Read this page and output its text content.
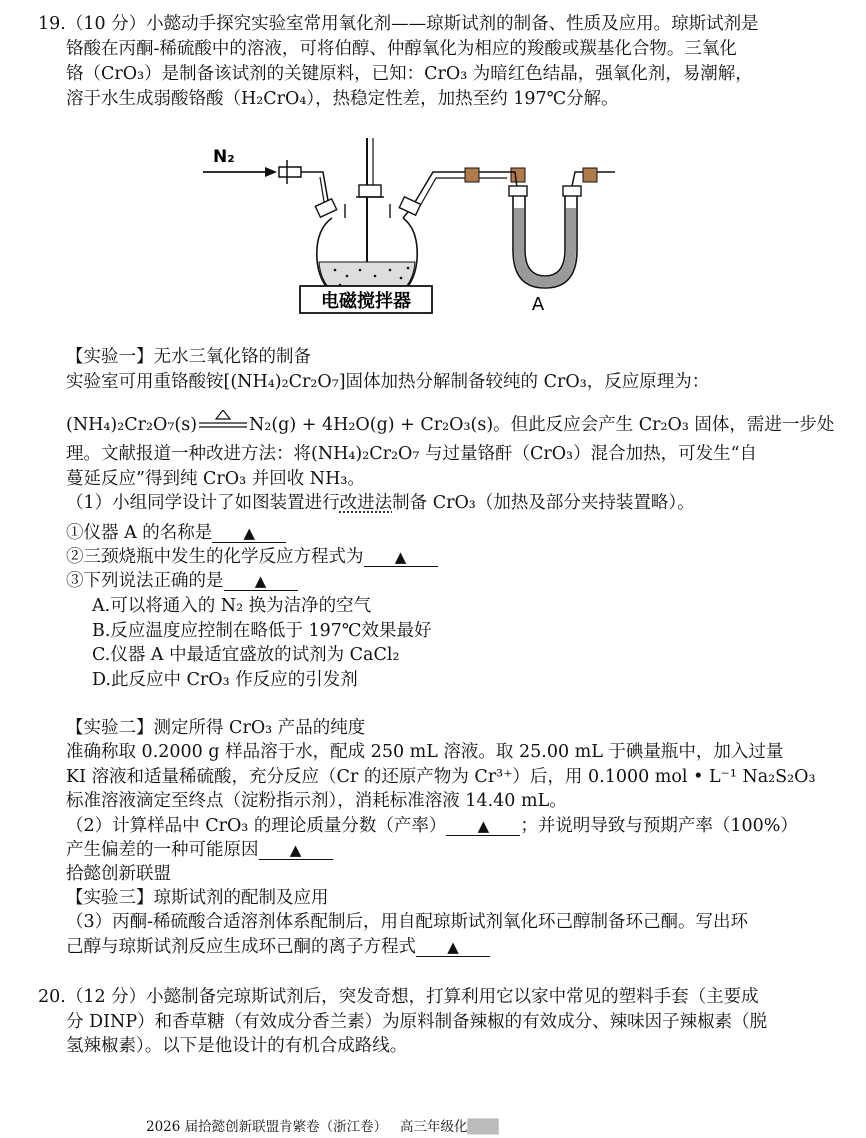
19.（10 分）小懿动手探究实验室常用氧化剂——琼斯试剂的制备、性质及应用。琼斯试剂是
铬酸在丙酮-稀硫酸中的溶液，可将伯醇、仲醇氧化为相应的羧酸或羰基化合物。三氧化
铬（CrO₃）是制备该试剂的关键原料，已知：CrO₃ 为暗红色结晶，强氧化剂，易潮解，
溶于水生成弱酸铬酸（H₂CrO₄），热稳定性差，加热至约 197℃分解。
N₂
电磁搅拌器	A
【实验一】无水三氧化铬的制备
实验室可用重铬酸铵[(NH₄)₂Cr₂O₇]固体加热分解制备较纯的 CrO₃，反应原理为：
(NH₄)₂Cr₂O₇(s)	N₂(g) + 4H₂O(g) + Cr₂O₃(s)。但此反应会产生 Cr₂O₃ 固体，需进一步处
理。文献报道一种改进方法：将(NH₄)₂Cr₂O₇ 与过量铬酐（CrO₃）混合加热，可发生“自
蔓延反应”得到纯 CrO₃ 并回收 NH₃。
（1）小组同学设计了如图装置进行改进法制备 CrO₃（加热及部分夹持装置略）。
①仪器 A 的名称是 ▲
②三颈烧瓶中发生的化学反应方程式为 ▲
③下列说法正确的是 ▲
A.可以将通入的 N₂ 换为洁净的空气
B.反应温度应控制在略低于 197℃效果最好
C.仪器 A 中最适宜盛放的试剂为 CaCl₂
D.此反应中 CrO₃ 作反应的引发剂
【实验二】测定所得 CrO₃ 产品的纯度
准确称取 0.2000 g 样品溶于水，配成 250 mL 溶液。取 25.00 mL 于碘量瓶中，加入过量
KI 溶液和适量稀硫酸，充分反应（Cr 的还原产物为 Cr³⁺）后，用 0.1000 mol • L⁻¹ Na₂S₂O₃
标准溶液滴定至终点（淀粉指示剂），消耗标准溶液 14.40 mL。
（2）计算样品中 CrO₃ 的理论质量分数（产率） ▲ ；并说明导致与预期产率（100%）
产生偏差的一种可能原因 ▲
拾懿创新联盟
【实验三】琼斯试剂的配制及应用
（3）丙酮-稀硫酸合适溶剂体系配制后，用自配琼斯试剂氧化环己醇制备环己酮。写出环
己醇与琼斯试剂反应生成环己酮的离子方程式 ▲
20.（12 分）小懿制备完琼斯试剂后，突发奇想，打算利用它以家中常见的塑料手套（主要成
分 DINP）和香草糖（有效成分香兰素）为原料制备辣椒的有效成分、辣味因子辣椒素（脱
氢辣椒素）。以下是他设计的有机合成路线。
2026 届拾懿创新联盟肯綮卷（浙江卷） 高三年级化███
